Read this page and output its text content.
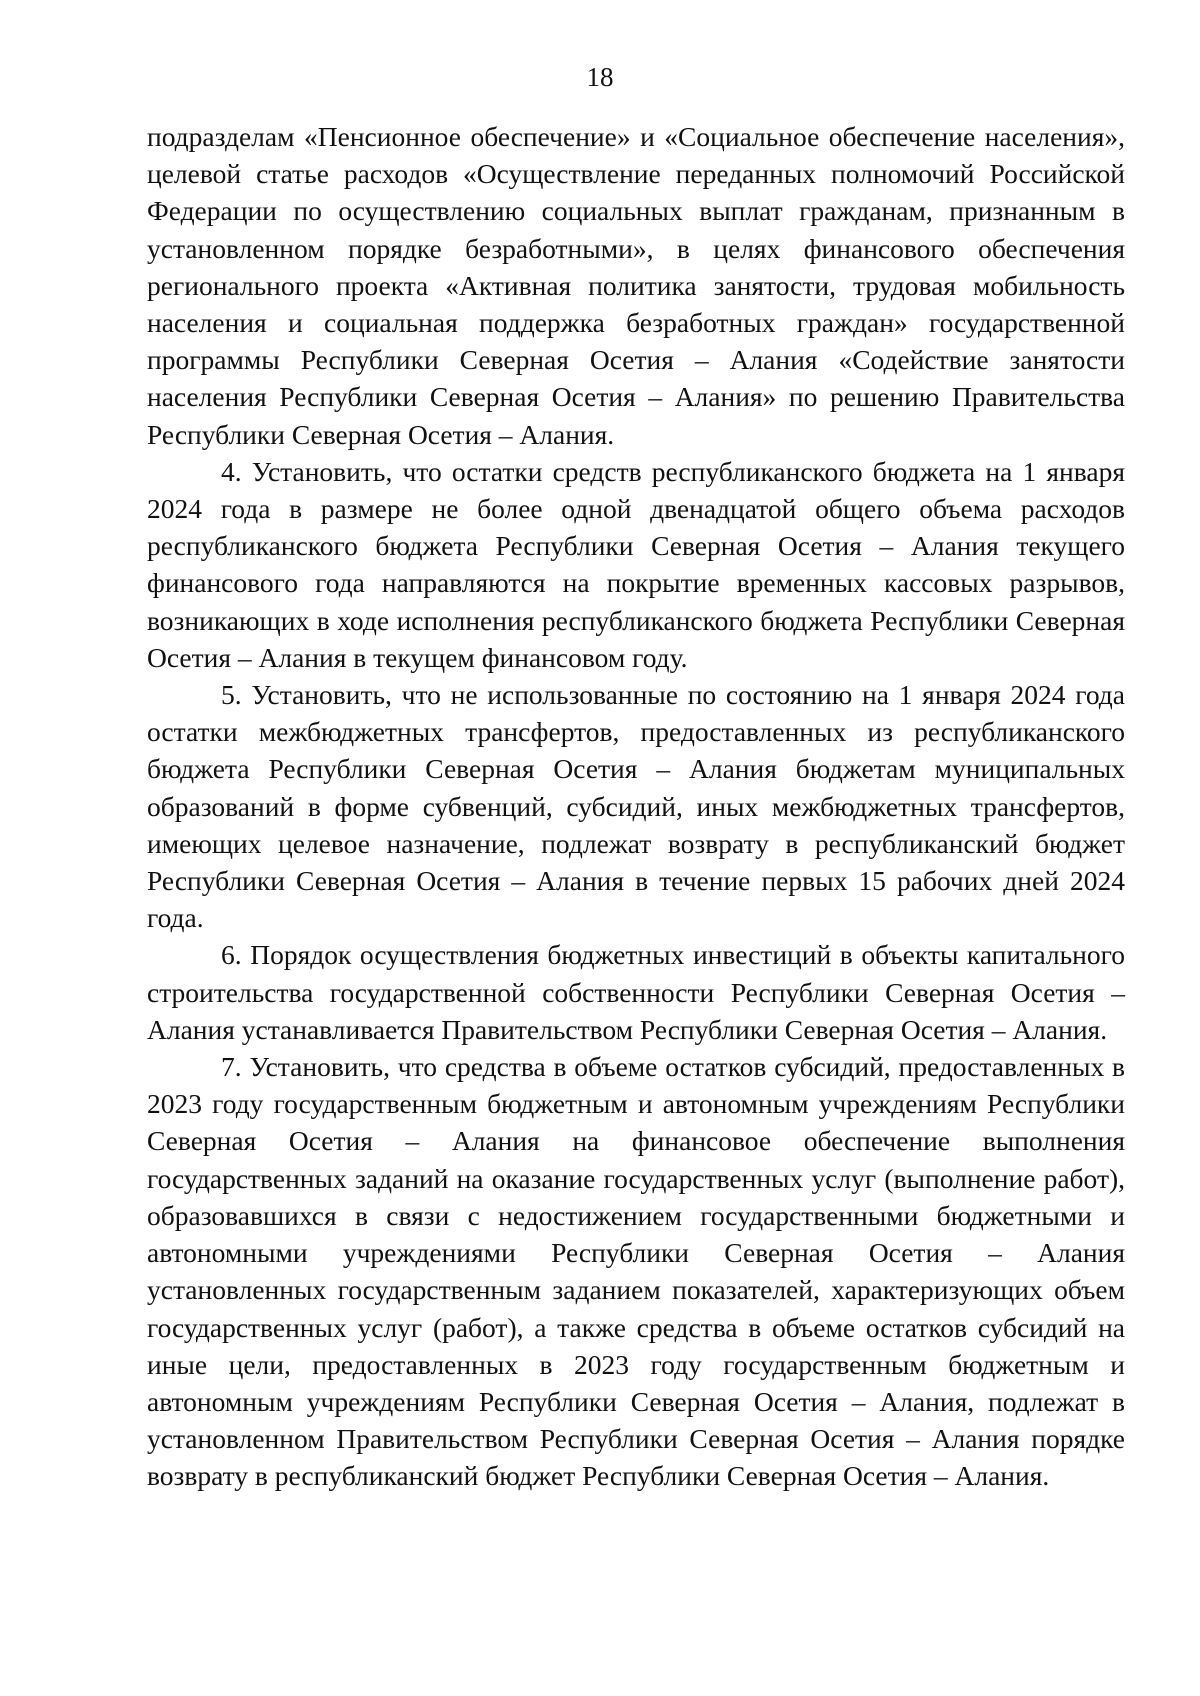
18

подразделам «Пенсионное обеспечение» и «Социальное обеспечение населения», целевой статье расходов «Осуществление переданных полномочий Российской Федерации по осуществлению социальных выплат гражданам, признанным в установленном порядке безработными», в целях финансового обеспечения регионального проекта «Активная политика занятости, трудовая мобильность населения и социальная поддержка безработных граждан» государственной программы Республики Северная Осетия – Алания «Содействие занятости населения Республики Северная Осетия – Алания» по решению Правительства Республики Северная Осетия – Алания.

4. Установить, что остатки средств республиканского бюджета на 1 января 2024 года в размере не более одной двенадцатой общего объема расходов республиканского бюджета Республики Северная Осетия – Алания текущего финансового года направляются на покрытие временных кассовых разрывов, возникающих в ходе исполнения республиканского бюджета Республики Северная Осетия – Алания в текущем финансовом году.

5. Установить, что не использованные по состоянию на 1 января 2024 года остатки межбюджетных трансфертов, предоставленных из республиканского бюджета Республики Северная Осетия – Алания бюджетам муниципальных образований в форме субвенций, субсидий, иных межбюджетных трансфертов, имеющих целевое назначение, подлежат возврату в республиканский бюджет Республики Северная Осетия – Алания в течение первых 15 рабочих дней 2024 года.

6. Порядок осуществления бюджетных инвестиций в объекты капитального строительства государственной собственности Республики Северная Осетия – Алания устанавливается Правительством Республики Северная Осетия – Алания.

7. Установить, что средства в объеме остатков субсидий, предоставленных в 2023 году государственным бюджетным и автономным учреждениям Республики Северная Осетия – Алания на финансовое обеспечение выполнения государственных заданий на оказание государственных услуг (выполнение работ), образовавшихся в связи с недостижением государственными бюджетными и автономными учреждениями Республики Северная Осетия – Алания установленных государственным заданием показателей, характеризующих объем государственных услуг (работ), а также средства в объеме остатков субсидий на иные цели, предоставленных в 2023 году государственным бюджетным и автономным учреждениям Республики Северная Осетия – Алания, подлежат в установленном Правительством Республики Северная Осетия – Алания порядке возврату в республиканский бюджет Республики Северная Осетия – Алания.
